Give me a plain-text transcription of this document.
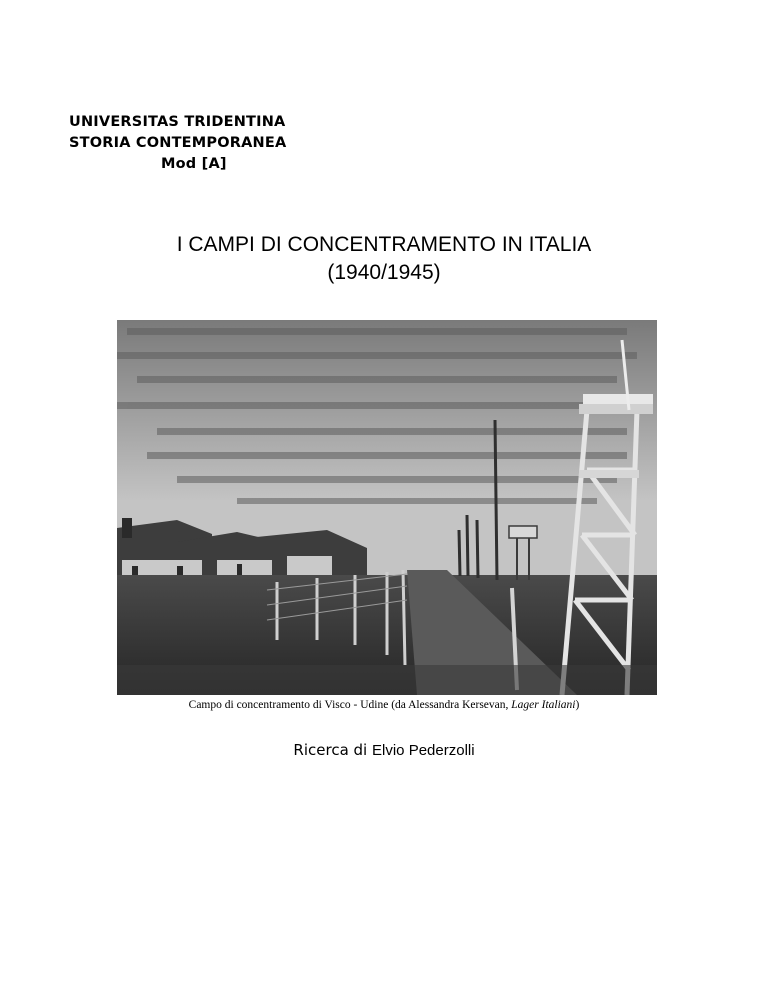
UNIVERSITAS TRIDENTINA
STORIA CONTEMPORANEA
Mod [A]
I CAMPI DI CONCENTRAMENTO IN ITALIA
(1940/1945)
Campo di concentramento di Visco - Udine (da Alessandra Kersevan, Lager Italiani)
Ricerca di Elvio Pederzolli
